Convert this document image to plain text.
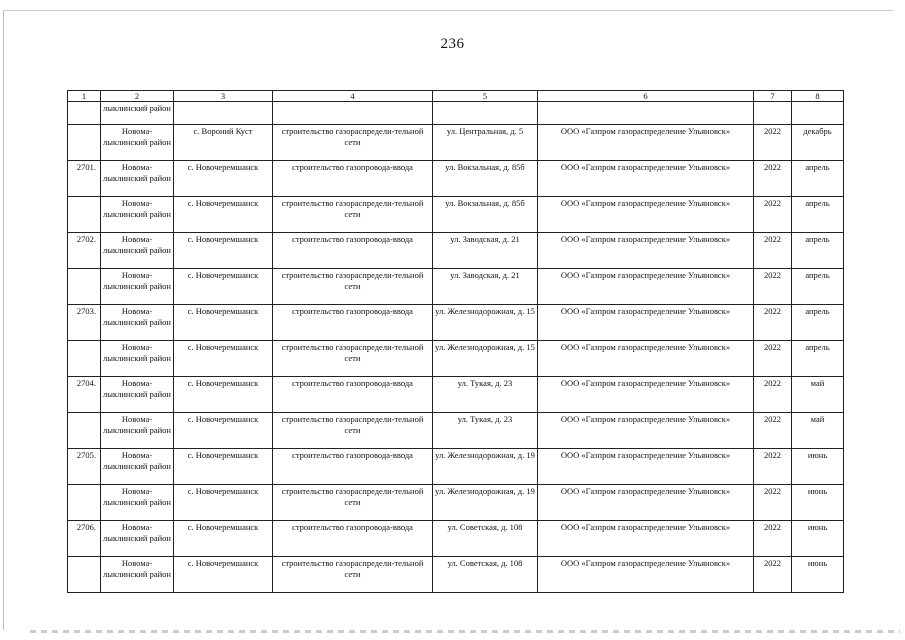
236
1	2	3	4	5	6	7	8
	лыклинский район						
	Новома-лыклинский район	с. Вороний Куст	строительство газораспредели-тельной сети	ул. Центральная, д. 5	ООО «Газпром газораспределение Ульяновск»	2022	декабрь
2701.	Новома-лыклинский район	с. Новочеремшанск	строительство газопровода-ввода	ул. Вокзальная, д. 85б	ООО «Газпром газораспределение Ульяновск»	2022	апрель
	Новома-лыклинский район	с. Новочеремшанск	строительство газораспредели-тельной сети	ул. Вокзальная, д. 85б	ООО «Газпром газораспределение Ульяновск»	2022	апрель
2702.	Новома-лыклинский район	с. Новочеремшанск	строительство газопровода-ввода	ул. Заводская, д. 21	ООО «Газпром газораспределение Ульяновск»	2022	апрель
	Новома-лыклинский район	с. Новочеремшанск	строительство газораспредели-тельной сети	ул. Заводская, д. 21	ООО «Газпром газораспределение Ульяновск»	2022	апрель
2703.	Новома-лыклинский район	с. Новочеремшанск	строительство газопровода-ввода	ул. Железнодорожная, д. 15	ООО «Газпром газораспределение Ульяновск»	2022	апрель
	Новома-лыклинский район	с. Новочеремшанск	строительство газораспредели-тельной сети	ул. Железнодорожная, д. 15	ООО «Газпром газораспределение Ульяновск»	2022	апрель
2704.	Новома-лыклинский район	с. Новочеремшанск	строительство газопровода-ввода	ул. Тукая, д. 23	ООО «Газпром газораспределение Ульяновск»	2022	май
	Новома-лыклинский район	с. Новочеремшанск	строительство газораспредели-тельной сети	ул. Тукая, д. 23	ООО «Газпром газораспределение Ульяновск»	2022	май
2705.	Новома-лыклинский район	с. Новочеремшанск	строительство газопровода-ввода	ул. Железнодорожная, д. 19	ООО «Газпром газораспределение Ульяновск»	2022	июнь
	Новома-лыклинский район	с. Новочеремшанск	строительство газораспредели-тельной сети	ул. Железнодорожная, д. 19	ООО «Газпром газораспределение Ульяновск»	2022	июнь
2706.	Новома-лыклинский район	с. Новочеремшанск	строительство газопровода-ввода	ул. Советская, д. 108	ООО «Газпром газораспределение Ульяновск»	2022	июнь
	Новома-лыклинский район	с. Новочеремшанск	строительство газораспредели-тельной сети	ул. Советская, д. 108	ООО «Газпром газораспределение Ульяновск»	2022	июнь
